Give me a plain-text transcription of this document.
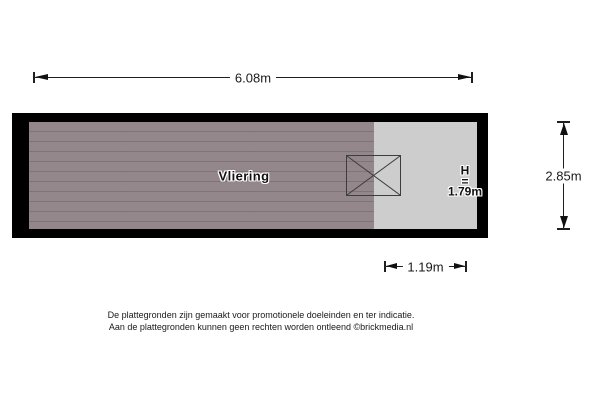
6.08m
Vliering	H
=
1.79m
2.85m
1.19m
De plattegronden zijn gemaakt voor promotionele doeleinden en ter indicatie.
Aan de plattegronden kunnen geen rechten worden ontleend ©brickmedia.nl
